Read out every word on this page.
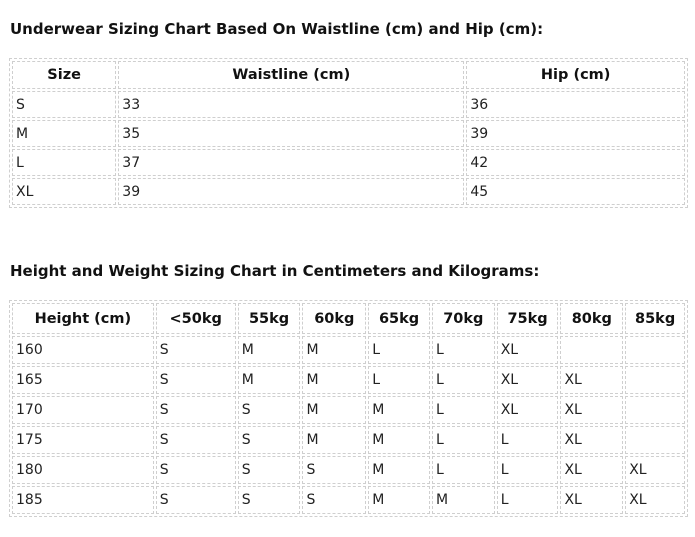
Underwear Sizing Chart Based On Waistline (cm) and Hip (cm):
Size	Waistline (cm)	Hip (cm)
S	33	36
M	35	39
L	37	42
XL	39	45
Height and Weight Sizing Chart in Centimeters and Kilograms:
Height (cm)	<50kg	55kg	60kg	65kg	70kg	75kg	80kg	85kg
160	S	M	M	L	L	XL		
165	S	M	M	L	L	XL	XL	
170	S	S	M	M	L	XL	XL	
175	S	S	M	M	L	L	XL	
180	S	S	S	M	L	L	XL	XL
185	S	S	S	M	M	L	XL	XL
